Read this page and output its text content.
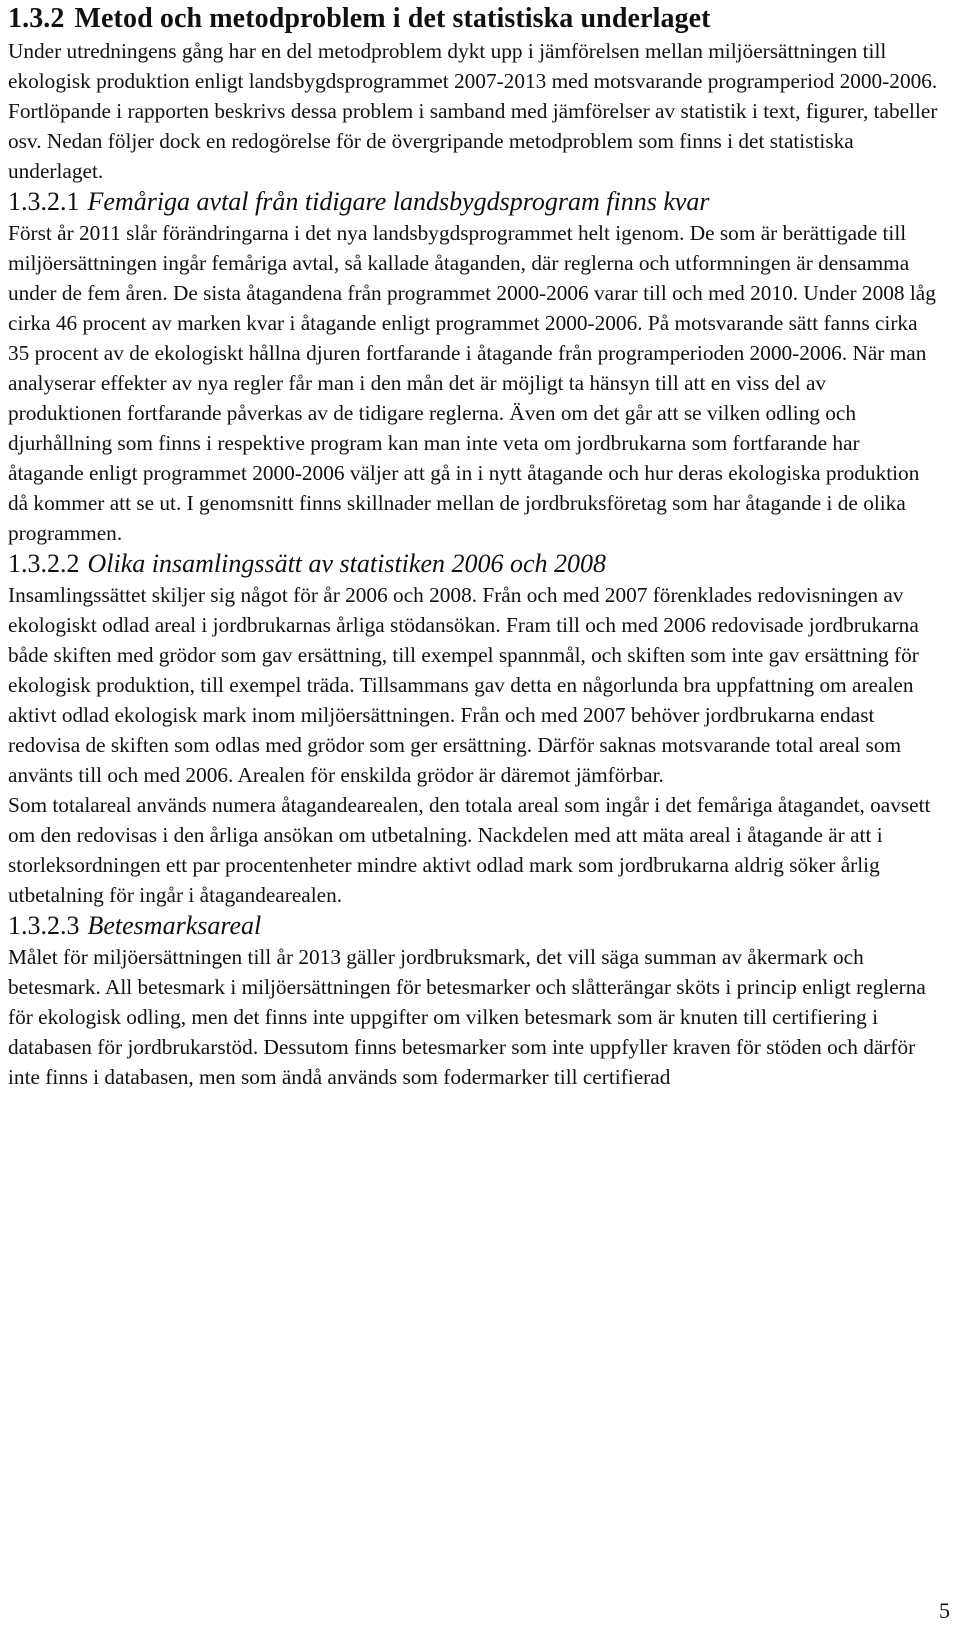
1.3.2 Metod och metodproblem i det statistiska underlaget

Under utredningens gång har en del metodproblem dykt upp i jämförelsen mellan miljöersättningen till ekologisk produktion enligt landsbygdsprogrammet 2007-2013 med motsvarande programperiod 2000-2006. Fortlöpande i rapporten beskrivs dessa problem i samband med jämförelser av statistik i text, figurer, tabeller osv. Nedan följer dock en redogörelse för de övergripande metodproblem som finns i det statistiska underlaget.

1.3.2.1 Femåriga avtal från tidigare landsbygdsprogram finns kvar

Först år 2011 slår förändringarna i det nya landsbygdsprogrammet helt igenom. De som är berättigade till miljöersättningen ingår femåriga avtal, så kallade åtaganden, där reglerna och utformningen är densamma under de fem åren. De sista åtagandena från programmet 2000-2006 varar till och med 2010. Under 2008 låg cirka 46 procent av marken kvar i åtagande enligt programmet 2000-2006. På motsvarande sätt fanns cirka 35 procent av de ekologiskt hållna djuren fortfarande i åtagande från programperioden 2000-2006. När man analyserar effekter av nya regler får man i den mån det är möjligt ta hänsyn till att en viss del av produktionen fortfarande påverkas av de tidigare reglerna. Även om det går att se vilken odling och djurhållning som finns i respektive program kan man inte veta om jordbrukarna som fortfarande har åtagande enligt programmet 2000-2006 väljer att gå in i nytt åtagande och hur deras ekologiska produktion då kommer att se ut. I genomsnitt finns skillnader mellan de jordbruksföretag som har åtagande i de olika programmen.

1.3.2.2 Olika insamlingssätt av statistiken 2006 och 2008

Insamlingssättet skiljer sig något för år 2006 och 2008. Från och med 2007 förenklades redovisningen av ekologiskt odlad areal i jordbrukarnas årliga stödansökan. Fram till och med 2006 redovisade jordbrukarna både skiften med grödor som gav ersättning, till exempel spannmål, och skiften som inte gav ersättning för ekologisk produktion, till exempel träda. Tillsammans gav detta en någorlunda bra uppfattning om arealen aktivt odlad ekologisk mark inom miljöersättningen. Från och med 2007 behöver jordbrukarna endast redovisa de skiften som odlas med grödor som ger ersättning. Därför saknas motsvarande total areal som använts till och med 2006. Arealen för enskilda grödor är däremot jämförbar.

Som totalareal används numera åtagandearealen, den totala areal som ingår i det femåriga åtagandet, oavsett om den redovisas i den årliga ansökan om utbetalning. Nackdelen med att mäta areal i åtagande är att i storleksordningen ett par procentenheter mindre aktivt odlad mark som jordbrukarna aldrig söker årlig utbetalning för ingår i åtagandearealen.

1.3.2.3 Betesmarksareal

Målet för miljöersättningen till år 2013 gäller jordbruksmark, det vill säga summan av åkermark och betesmark. All betesmark i miljöersättningen för betesmarker och slåtterängar sköts i princip enligt reglerna för ekologisk odling, men det finns inte uppgifter om vilken betesmark som är knuten till certifiering i databasen för jordbrukarstöd. Dessutom finns betesmarker som inte uppfyller kraven för stöden och därför inte finns i databasen, men som ändå används som fodermarker till certifierad

5
